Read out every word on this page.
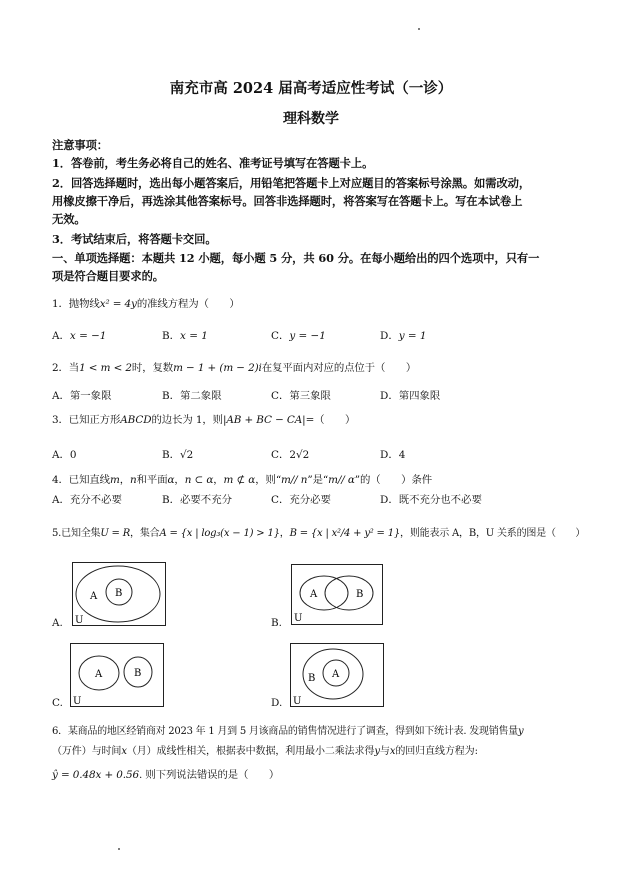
南充市高 2024 届高考适应性考试（一诊）
理科数学
注意事项：
1．答卷前，考生务必将自己的姓名、准考证号填写在答题卡上。
2．回答选择题时，选出每小题答案后，用铅笔把答题卡上对应题目的答案标号涂黑。如需改动，
用橡皮擦干净后，再选涂其他答案标号。回答非选择题时，将答案写在答题卡上。写在本试卷上
无效。
3．考试结束后，将答题卡交回。
一、单项选择题：本题共 12 小题，每小题 5 分，共 60 分。在每小题给出的四个选项中，只有一
项是符合题目要求的。
1．抛物线x² = 4y的准线方程为（　　）
A．x = −1	B．x = 1	C．y = −1	D．y = 1
2．当1 < m < 2时，复数m − 1 + (m − 2)i在复平面内对应的点位于（　　）
A．第一象限	B．第二象限	C．第三象限	D．第四象限
3．已知正方形ABCD的边长为 1，则|AB + BC − CA|=（　　）
A．0	B．√2	C．2√2	D．4
4．已知直线m，n和平面α，n ⊂ α，m ⊄ α，则“m// n”是“m// α”的（　　）条件
A．充分不必要	B．必要不充分	C．充分必要	D．既不充分也不必要
5.已知全集U = R，集合A = {x | log₃(x − 1) > 1}，B = {x | x²/4 + y² = 1}，则能表示 A，B，U 关系的图是（　　）
A.
A B
U	B.
A	B
U
C.
A	B
U	D.
B A
U
6．某商品的地区经销商对 2023 年 1 月到 5 月该商品的销售情况进行了调查，得到如下统计表. 发现销售量y
（万件）与时间x（月）成线性相关，根据表中数据，利用最小二乘法求得y与x的回归直线方程为:
ŷ = 0.48x + 0.56. 则下列说法错误的是（　　）
